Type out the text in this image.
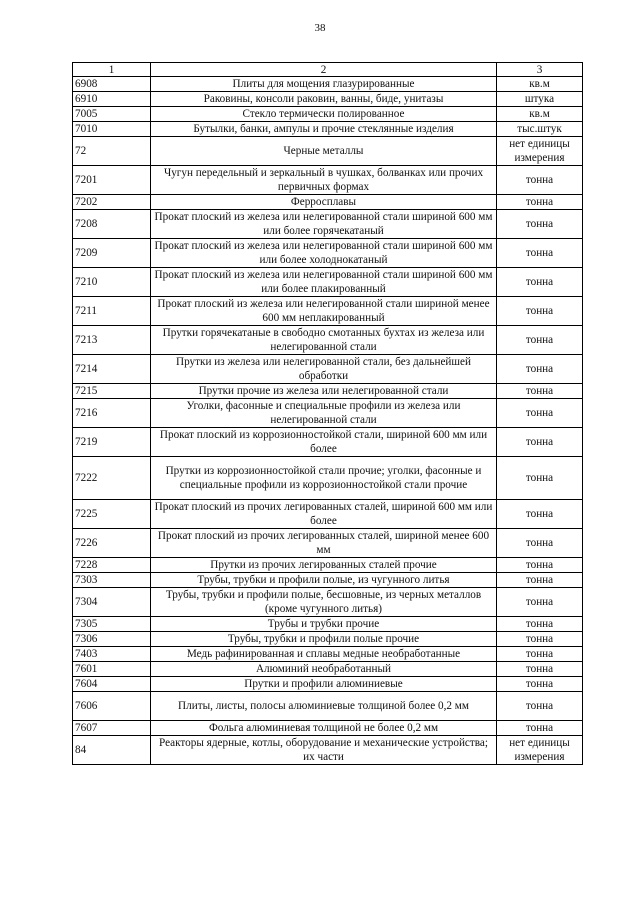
38
1	2	3
6908	Плиты для мощения глазурированные	кв.м
6910	Раковины, консоли раковин, ванны, биде, унитазы	штука
7005	Стекло термически полированное	кв.м
7010	Бутылки, банки, ампулы и прочие стеклянные изделия	тыс.штук
72	Черные металлы	нет единицы измерения
7201	Чугун передельный и зеркальный в чушках, болванках или прочих первичных формах	тонна
7202	Ферросплавы	тонна
7208	Прокат плоский из железа или нелегированной стали шириной 600 мм или более горячекатаный	тонна
7209	Прокат плоский из железа или нелегированной стали шириной 600 мм или более холоднокатаный	тонна
7210	Прокат плоский из железа или нелегированной стали шириной 600 мм или более плакированный	тонна
7211	Прокат плоский из железа или нелегированной стали шириной менее 600 мм неплакированный	тонна
7213	Прутки горячекатаные в свободно смотанных бухтах из железа или нелегированной стали	тонна
7214	Прутки из железа или нелегированной стали, без дальнейшей обработки	тонна
7215	Прутки прочие из железа или нелегированной стали	тонна
7216	Уголки, фасонные и специальные профили из железа или нелегированной стали	тонна
7219	Прокат плоский из коррозионностойкой стали, шириной 600 мм или более	тонна
7222	Прутки из коррозионностойкой стали прочие; уголки, фасонные и специальные профили из коррозионностойкой стали прочие	тонна
7225	Прокат плоский из прочих легированных сталей, шириной 600 мм или более	тонна
7226	Прокат плоский из прочих легированных сталей, шириной менее 600 мм	тонна
7228	Прутки из прочих легированных сталей прочие	тонна
7303	Трубы, трубки и профили полые, из чугунного литья	тонна
7304	Трубы, трубки и профили полые, бесшовные, из черных металлов (кроме чугунного литья)	тонна
7305	Трубы и трубки прочие	тонна
7306	Трубы, трубки и профили полые прочие	тонна
7403	Медь рафинированная и сплавы медные необработанные	тонна
7601	Алюминий необработанный	тонна
7604	Прутки и профили алюминиевые	тонна
7606	Плиты, листы, полосы алюминиевые толщиной более 0,2 мм	тонна
7607	Фольга алюминиевая толщиной не более 0,2 мм	тонна
84	Реакторы ядерные, котлы, оборудование и механические устройства; их части	нет единицы измерения
